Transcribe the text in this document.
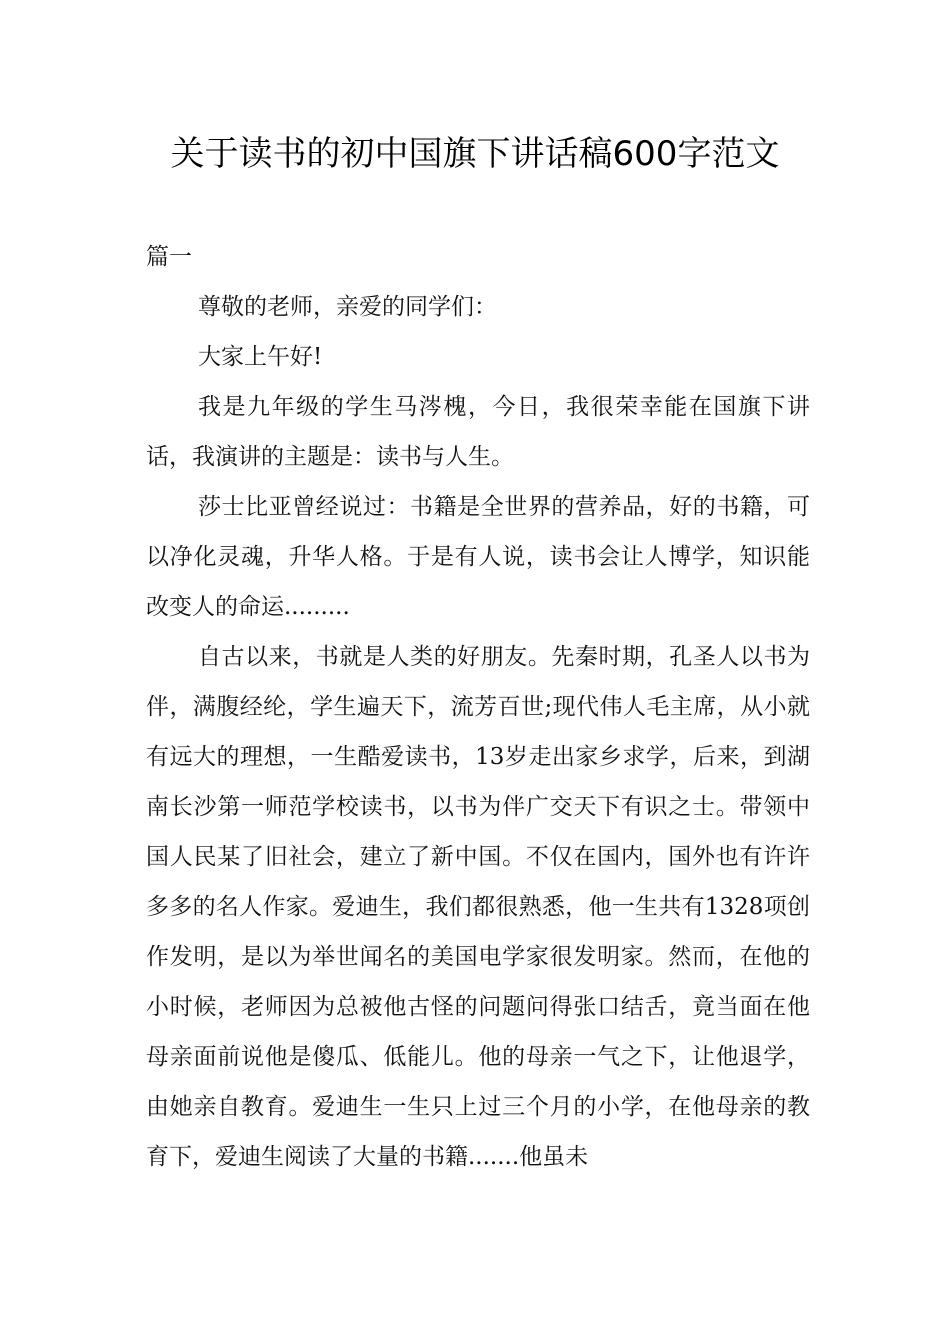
关于读书的初中国旗下讲话稿600字范文

篇一

尊敬的老师，亲爱的同学们：

大家上午好!

我是九年级的学生马涔槐，今日，我很荣幸能在国旗下讲话，我演讲的主题是：读书与人生。

莎士比亚曾经说过：书籍是全世界的营养品，好的书籍，可以净化灵魂，升华人格。于是有人说，读书会让人博学，知识能改变人的命运.........

自古以来，书就是人类的好朋友。先秦时期，孔圣人以书为伴，满腹经纶，学生遍天下，流芳百世;现代伟人毛主席，从小就有远大的理想，一生酷爱读书，13岁走出家乡求学，后来，到湖南长沙第一师范学校读书，以书为伴广交天下有识之士。带领中国人民某了旧社会，建立了新中国。不仅在国内，国外也有许许多多的名人作家。爱迪生，我们都很熟悉，他一生共有1328项创作发明，是以为举世闻名的美国电学家很发明家。然而，在他的小时候，老师因为总被他古怪的问题问得张口结舌，竟当面在他母亲面前说他是傻瓜、低能儿。他的母亲一气之下，让他退学，由她亲自教育。爱迪生一生只上过三个月的小学，在他母亲的教育下，爱迪生阅读了大量的书籍.......他虽未
